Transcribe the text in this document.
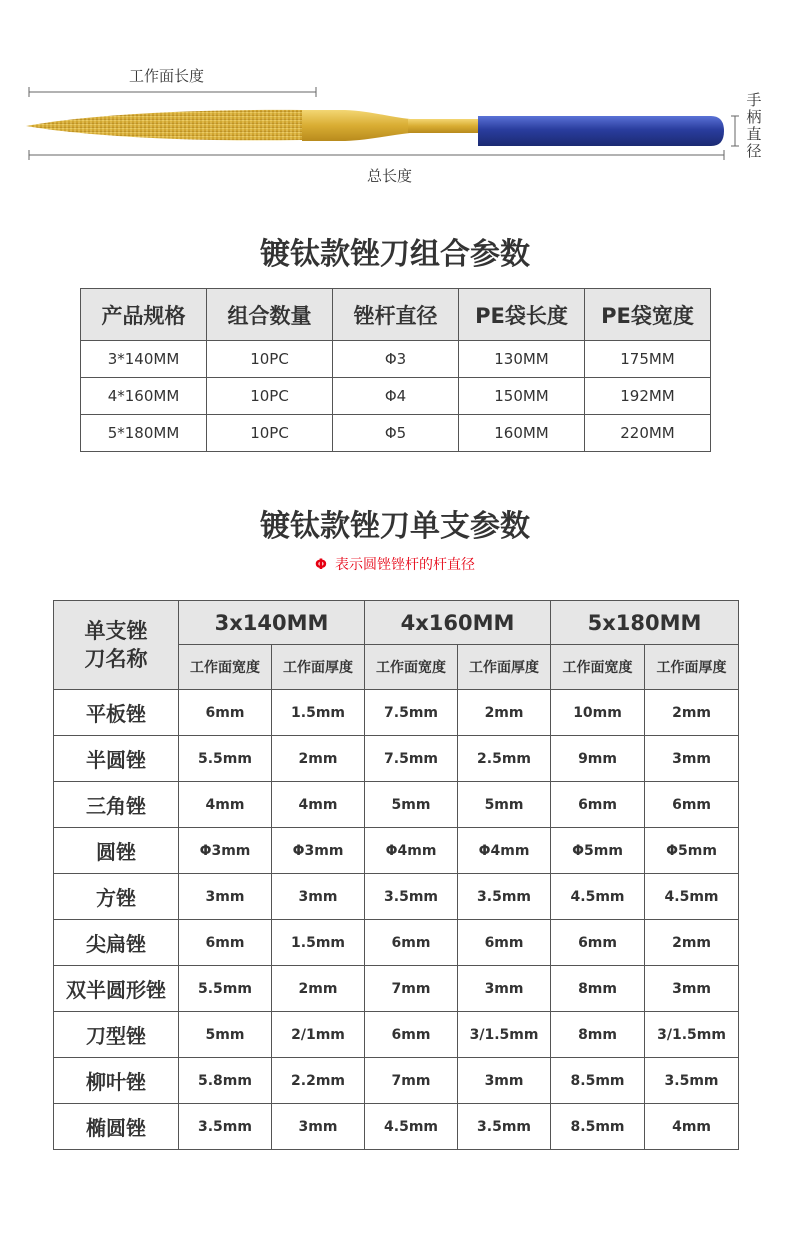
工作面长度
总长度
手柄直径
镀钛款锉刀组合参数
产品规格	组合数量	锉杆直径	PE袋长度	PE袋宽度
3*140MM	10PC	Φ3	130MM	175MM
4*160MM	10PC	Φ4	150MM	192MM
5*180MM	10PC	Φ5	160MM	220MM
镀钛款锉刀单支参数
Φ 表示圆锉锉杆的杆直径
单支锉刀名称	3x140MM		4x160MM		5x180MM	
	工作面宽度	工作面厚度	工作面宽度	工作面厚度	工作面宽度	工作面厚度
平板锉	6mm	1.5mm	7.5mm	2mm	10mm	2mm
半圆锉	5.5mm	2mm	7.5mm	2.5mm	9mm	3mm
三角锉	4mm	4mm	5mm	5mm	6mm	6mm
圆锉	Φ3mm	Φ3mm	Φ4mm	Φ4mm	Φ5mm	Φ5mm
方锉	3mm	3mm	3.5mm	3.5mm	4.5mm	4.5mm
尖扁锉	6mm	1.5mm	6mm	6mm	6mm	2mm
双半圆形锉	5.5mm	2mm	7mm	3mm	8mm	3mm
刀型锉	5mm	2/1mm	6mm	3/1.5mm	8mm	3/1.5mm
柳叶锉	5.8mm	2.2mm	7mm	3mm	8.5mm	3.5mm
椭圆锉	3.5mm	3mm	4.5mm	3.5mm	8.5mm	4mm
